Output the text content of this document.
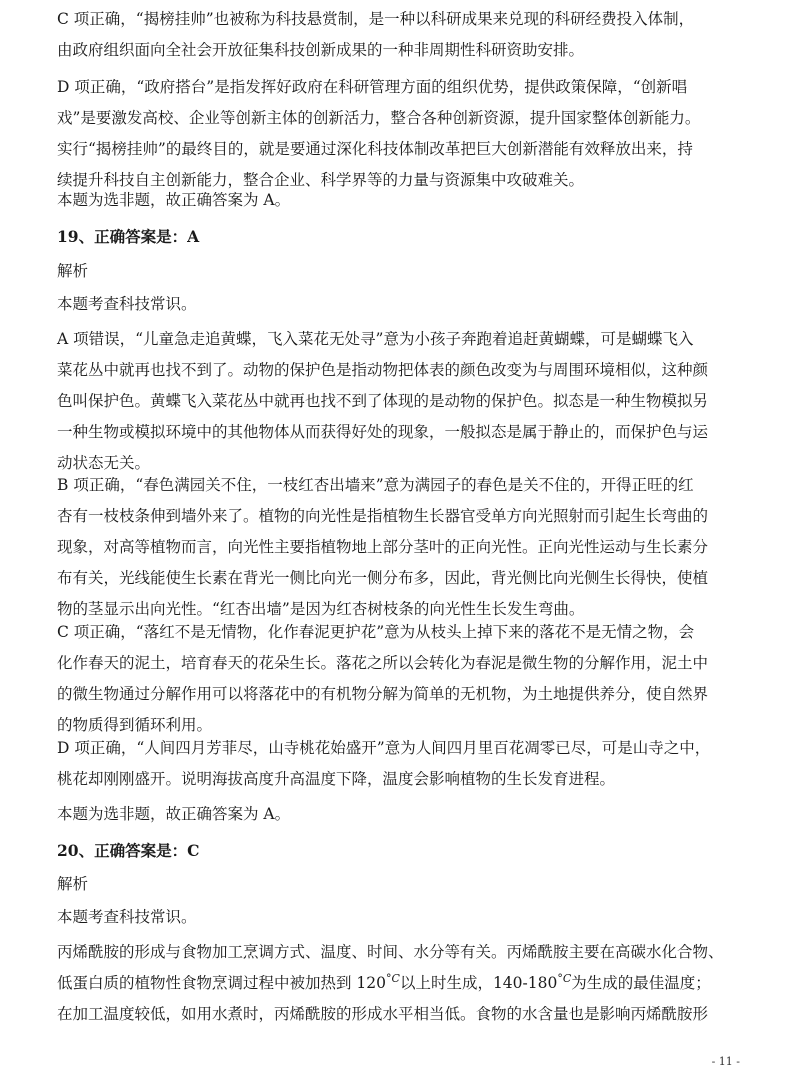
C 项正确，“揭榜挂帅”也被称为科技悬赏制，是一种以科研成果来兑现的科研经费投入体制，
由政府组织面向全社会开放征集科技创新成果的一种非周期性科研资助安排。
D 项正确，“政府搭台”是指发挥好政府在科研管理方面的组织优势，提供政策保障，“创新唱
戏”是要激发高校、企业等创新主体的创新活力，整合各种创新资源，提升国家整体创新能力。
实行“揭榜挂帅”的最终目的，就是要通过深化科技体制改革把巨大创新潜能有效释放出来，持
续提升科技自主创新能力，整合企业、科学界等的力量与资源集中攻破难关。
本题为选非题，故正确答案为 A。
19、正确答案是：A
解析
本题考查科技常识。
A 项错误，“儿童急走追黄蝶，飞入菜花无处寻”意为小孩子奔跑着追赶黄蝴蝶，可是蝴蝶飞入
菜花丛中就再也找不到了。动物的保护色是指动物把体表的颜色改变为与周围环境相似，这种颜
色叫保护色。黄蝶飞入菜花丛中就再也找不到了体现的是动物的保护色。拟态是一种生物模拟另
一种生物或模拟环境中的其他物体从而获得好处的现象，一般拟态是属于静止的，而保护色与运
动状态无关。
B 项正确，“春色满园关不住，一枝红杏出墙来”意为满园子的春色是关不住的，开得正旺的红
杏有一枝枝条伸到墙外来了。植物的向光性是指植物生长器官受单方向光照射而引起生长弯曲的
现象，对高等植物而言，向光性主要指植物地上部分茎叶的正向光性。正向光性运动与生长素分
布有关，光线能使生长素在背光一侧比向光一侧分布多，因此，背光侧比向光侧生长得快，使植
物的茎显示出向光性。“红杏出墙”是因为红杏树枝条的向光性生长发生弯曲。
C 项正确，“落红不是无情物，化作春泥更护花”意为从枝头上掉下来的落花不是无情之物，会
化作春天的泥土，培育春天的花朵生长。落花之所以会转化为春泥是微生物的分解作用，泥土中
的微生物通过分解作用可以将落花中的有机物分解为简单的无机物，为土地提供养分，使自然界
的物质得到循环利用。
D 项正确，“人间四月芳菲尽，山寺桃花始盛开”意为人间四月里百花凋零已尽，可是山寺之中，
桃花却刚刚盛开。说明海拔高度升高温度下降，温度会影响植物的生长发育进程。
本题为选非题，故正确答案为 A。
20、正确答案是：C
解析
本题考查科技常识。
丙烯酰胺的形成与食物加工烹调方式、温度、时间、水分等有关。丙烯酰胺主要在高碳水化合物、
低蛋白质的植物性食物烹调过程中被加热到 $120^{^\circ C}$以上时生成，$140-180^{^\circ C}$为生成的最佳温度；
在加工温度较低，如用水煮时，丙烯酰胺的形成水平相当低。食物的水含量也是影响丙烯酰胺形
- 11 -
